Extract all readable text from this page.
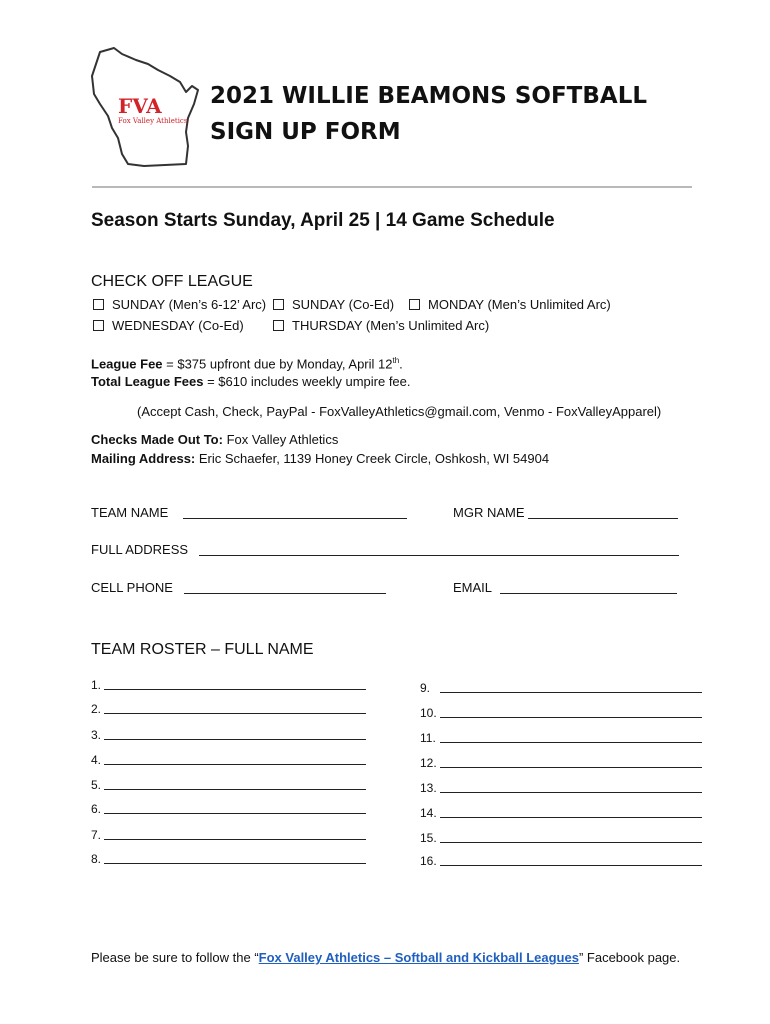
FVA
Fox Valley Athletics
2021 WILLIE BEAMONS SOFTBALL
SIGN UP FORM
Season Starts Sunday, April 25 | 14 Game Schedule
CHECK OFF LEAGUE
SUNDAY (Men’s 6-12’ Arc) SUNDAY (Co-Ed)	MONDAY (Men’s Unlimited Arc)
WEDNESDAY (Co-Ed)	THURSDAY (Men’s Unlimited Arc)
League Fee = $375 upfront due by Monday, April 12th.
Total League Fees = $610 includes weekly umpire fee.
(Accept Cash, Check, PayPal - FoxValleyAthletics@gmail.com, Venmo - FoxValleyApparel)
Checks Made Out To: Fox Valley Athletics
Mailing Address: Eric Schaefer, 1139 Honey Creek Circle, Oshkosh, WI 54904
TEAM NAME	MGR NAME
FULL ADDRESS
CELL PHONE	EMAIL
TEAM ROSTER – FULL NAME
1.
2.
3.
4.
5.
6.
7.
8.
9.
10.
11.
12.
13.
14.
15.
16.
Please be sure to follow the “Fox Valley Athletics – Softball and Kickball Leagues” Facebook page.
